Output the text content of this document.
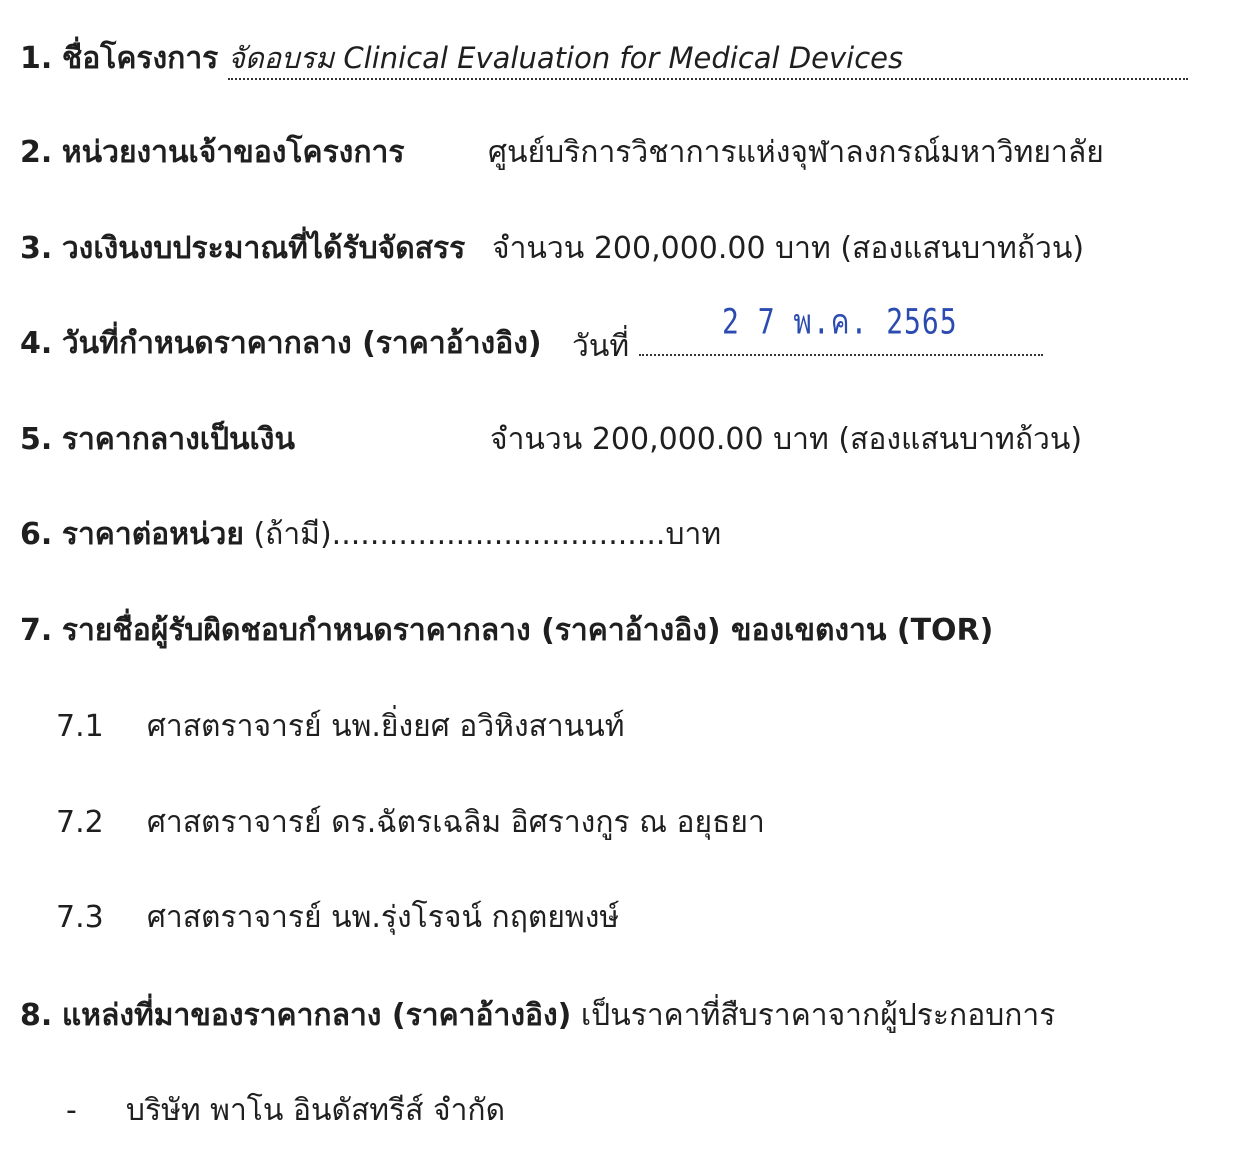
1. ชื่อโครงการ จัดอบรม Clinical Evaluation for Medical Devices
2. หน่วยงานเจ้าของโครงการ	ศูนย์บริการวิชาการแห่งจุฬาลงกรณ์มหาวิทยาลัย
3. วงเงินงบประมาณที่ได้รับจัดสรร จำนวน 200,000.00 บาท (สองแสนบาทถ้วน)
4. วันที่กำหนดราคากลาง (ราคาอ้างอิง) วันที่
2 7 พ.ค. 2565
5. ราคากลางเป็นเงิน	จำนวน 200,000.00 บาท (สองแสนบาทถ้วน)
6. ราคาต่อหน่วย (ถ้ามี)...................................บาท
7. รายชื่อผู้รับผิดชอบกำหนดราคากลาง (ราคาอ้างอิง) ของเขตงาน (TOR)
7.1 ศาสตราจารย์ นพ.ยิ่งยศ อวิหิงสานนท์
7.2 ศาสตราจารย์ ดร.ฉัตรเฉลิม อิศรางกูร ณ อยุธยา
7.3 ศาสตราจารย์ นพ.รุ่งโรจน์ กฤตยพงษ์
8. แหล่งที่มาของราคากลาง (ราคาอ้างอิง) เป็นราคาที่สืบราคาจากผู้ประกอบการ
- บริษัท พาโน อินดัสทรีส์ จำกัด
